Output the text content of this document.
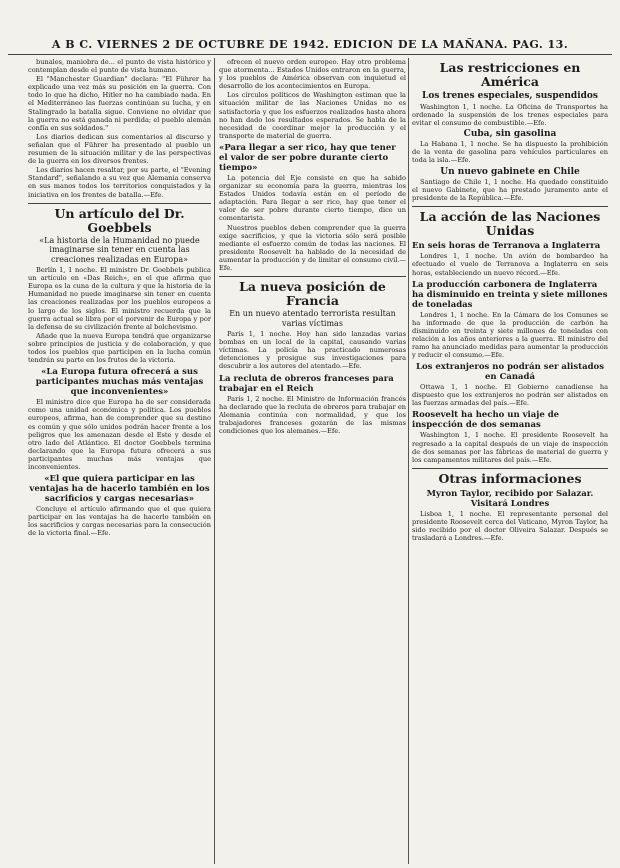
A B C. VIERNES 2 DE OCTUBRE DE 1942. EDICION DE LA MAÑANA. PAG. 13.

bunales, maniobra de... el punto de vista histórico y contemplan desde el punto de vista humano.

El "Manchester Guardian" declara: "El Führer ha explicado una vez más su posición en la guerra. Con todo lo que ha dicho, Hitler no ha cambiado nada. En el Mediterráneo las fuerzas continúan su lucha, y en Stalingrado la batalla sigue. Conviene no olvidar que la guerra no está ganada ni perdida; el pueblo alemán confía en sus soldados."

Los diarios dedican sus comentarios al discurso y señalan que el Führer ha presentado al pueblo un resumen de la situación militar y de las perspectivas de la guerra en los diversos frentes.

Los diarios hacen resaltar, por su parte, el "Evening Standard", señalando a su vez que Alemania conserva en sus manos todos los territorios conquistados y la iniciativa en los frentes de batalla.—Efe.

Un artículo del Dr. Goebbels
«La historia de la Humanidad no puede imaginarse sin tener en cuenta las creaciones realizadas en Europa»

Berlín 1, 1 noche. El ministro Dr. Goebbels publica un artículo en «Das Reich», en el que afirma que Europa es la cuna de la cultura y que la historia de la Humanidad no puede imaginarse sin tener en cuenta las creaciones realizadas por los pueblos europeos a lo largo de los siglos. El ministro recuerda que la guerra actual se libra por el porvenir de Europa y por la defensa de su civilización frente al bolchevismo.

Añade que la nueva Europa tendrá que organizarse sobre principios de justicia y de colaboración, y que todos los pueblos que participen en la lucha común tendrán su parte en los frutos de la victoria.

«La Europa futura ofrecerá a sus participantes muchas más ventajas que inconvenientes»

El ministro dice que Europa ha de ser considerada como una unidad económica y política. Los pueblos europeos, afirma, han de comprender que su destino es común y que sólo unidos podrán hacer frente a los peligros que les amenazan desde el Este y desde el otro lado del Atlántico. El doctor Goebbels termina declarando que la Europa futura ofrecerá a sus participantes muchas más ventajas que inconvenientes.

«El que quiera participar en las ventajas ha de hacerlo también en los sacrificios y cargas necesarias»

Concluye el artículo afirmando que el que quiera participar en las ventajas ha de hacerlo también en los sacrificios y cargas necesarias para la consecución de la victoria final.—Efe.

ofrecen el nuevo orden europeo. Hay otro problema que atormenta... Estados Unidos entraron en la guerra, y los pueblos de América observan con inquietud el desarrollo de los acontecimientos en Europa.

Los círculos políticos de Washington estiman que la situación militar de las Naciones Unidas no es satisfactoria y que los esfuerzos realizados hasta ahora no han dado los resultados esperados. Se habla de la necesidad de coordinar mejor la producción y el transporte de material de guerra.

«Para llegar a ser rico, hay que tener el valor de ser pobre durante cierto tiempo»

La potencia del Eje consiste en que ha sabido organizar su economía para la guerra, mientras los Estados Unidos todavía están en el período de adaptación. Para llegar a ser rico, hay que tener el valor de ser pobre durante cierto tiempo, dice un comentarista.

Nuestros pueblos deben comprender que la guerra exige sacrificios, y que la victoria sólo será posible mediante el esfuerzo común de todas las naciones. El presidente Roosevelt ha hablado de la necesidad de aumentar la producción y de limitar el consumo civil.—Efe.

La nueva posición de Francia
En un nuevo atentado terrorista resultan varias víctimas

París 1, 1 noche. Hoy han sido lanzadas varias bombas en un local de la capital, causando varias víctimas. La policía ha practicado numerosas detenciones y prosigue sus investigaciones para descubrir a los autores del atentado.—Efe.

La recluta de obreros franceses para trabajar en el Reich

París 1, 2 noche. El Ministro de Información francés ha declarado que la recluta de obreros para trabajar en Alemania continúa con normalidad, y que los trabajadores franceses gozarán de las mismas condiciones que los alemanes.—Efe.

Las restricciones en América
Los trenes especiales, suspendidos

Washington 1, 1 noche. La Oficina de Transportes ha ordenado la suspensión de los trenes especiales para evitar el consumo de combustible.—Efe.

Cuba, sin gasolina

La Habana 1, 1 noche. Se ha dispuesto la prohibición de la venta de gasolina para vehículos particulares en toda la isla.—Efe.

Un nuevo gabinete en Chile

Santiago de Chile 1, 1 noche. Ha quedado constituido el nuevo Gabinete, que ha prestado juramento ante el presidente de la República.—Efe.

La acción de las Naciones Unidas
En seis horas de Terranova a Inglaterra

Londres 1, 1 noche. Un avión de bombardeo ha efectuado el vuelo de Terranova a Inglaterra en seis horas, estableciendo un nuevo récord.—Efe.

La producción carbonera de Inglaterra ha disminuido en treinta y siete millones de toneladas

Londres 1, 1 noche. En la Cámara de los Comunes se ha informado de que la producción de carbón ha disminuido en treinta y siete millones de toneladas con relación a los años anteriores a la guerra. El ministro del ramo ha anunciado medidas para aumentar la producción y reducir el consumo.—Efe.

Los extranjeros no podrán ser alistados en Canadá

Ottawa 1, 1 noche. El Gobierno canadiense ha dispuesto que los extranjeros no podrán ser alistados en las fuerzas armadas del país.—Efe.

Roosevelt ha hecho un viaje de inspección de dos semanas

Washington 1, 1 noche. El presidente Roosevelt ha regresado a la capital después de un viaje de inspección de dos semanas por las fábricas de material de guerra y los campamentos militares del país.—Efe.

Otras informaciones
Myron Taylor, recibido por Salazar. Visitará Londres

Lisboa 1, 1 noche. El representante personal del presidente Roosevelt cerca del Vaticano, Myron Taylor, ha sido recibido por el doctor Oliveira Salazar. Después se trasladará a Londres.—Efe.
